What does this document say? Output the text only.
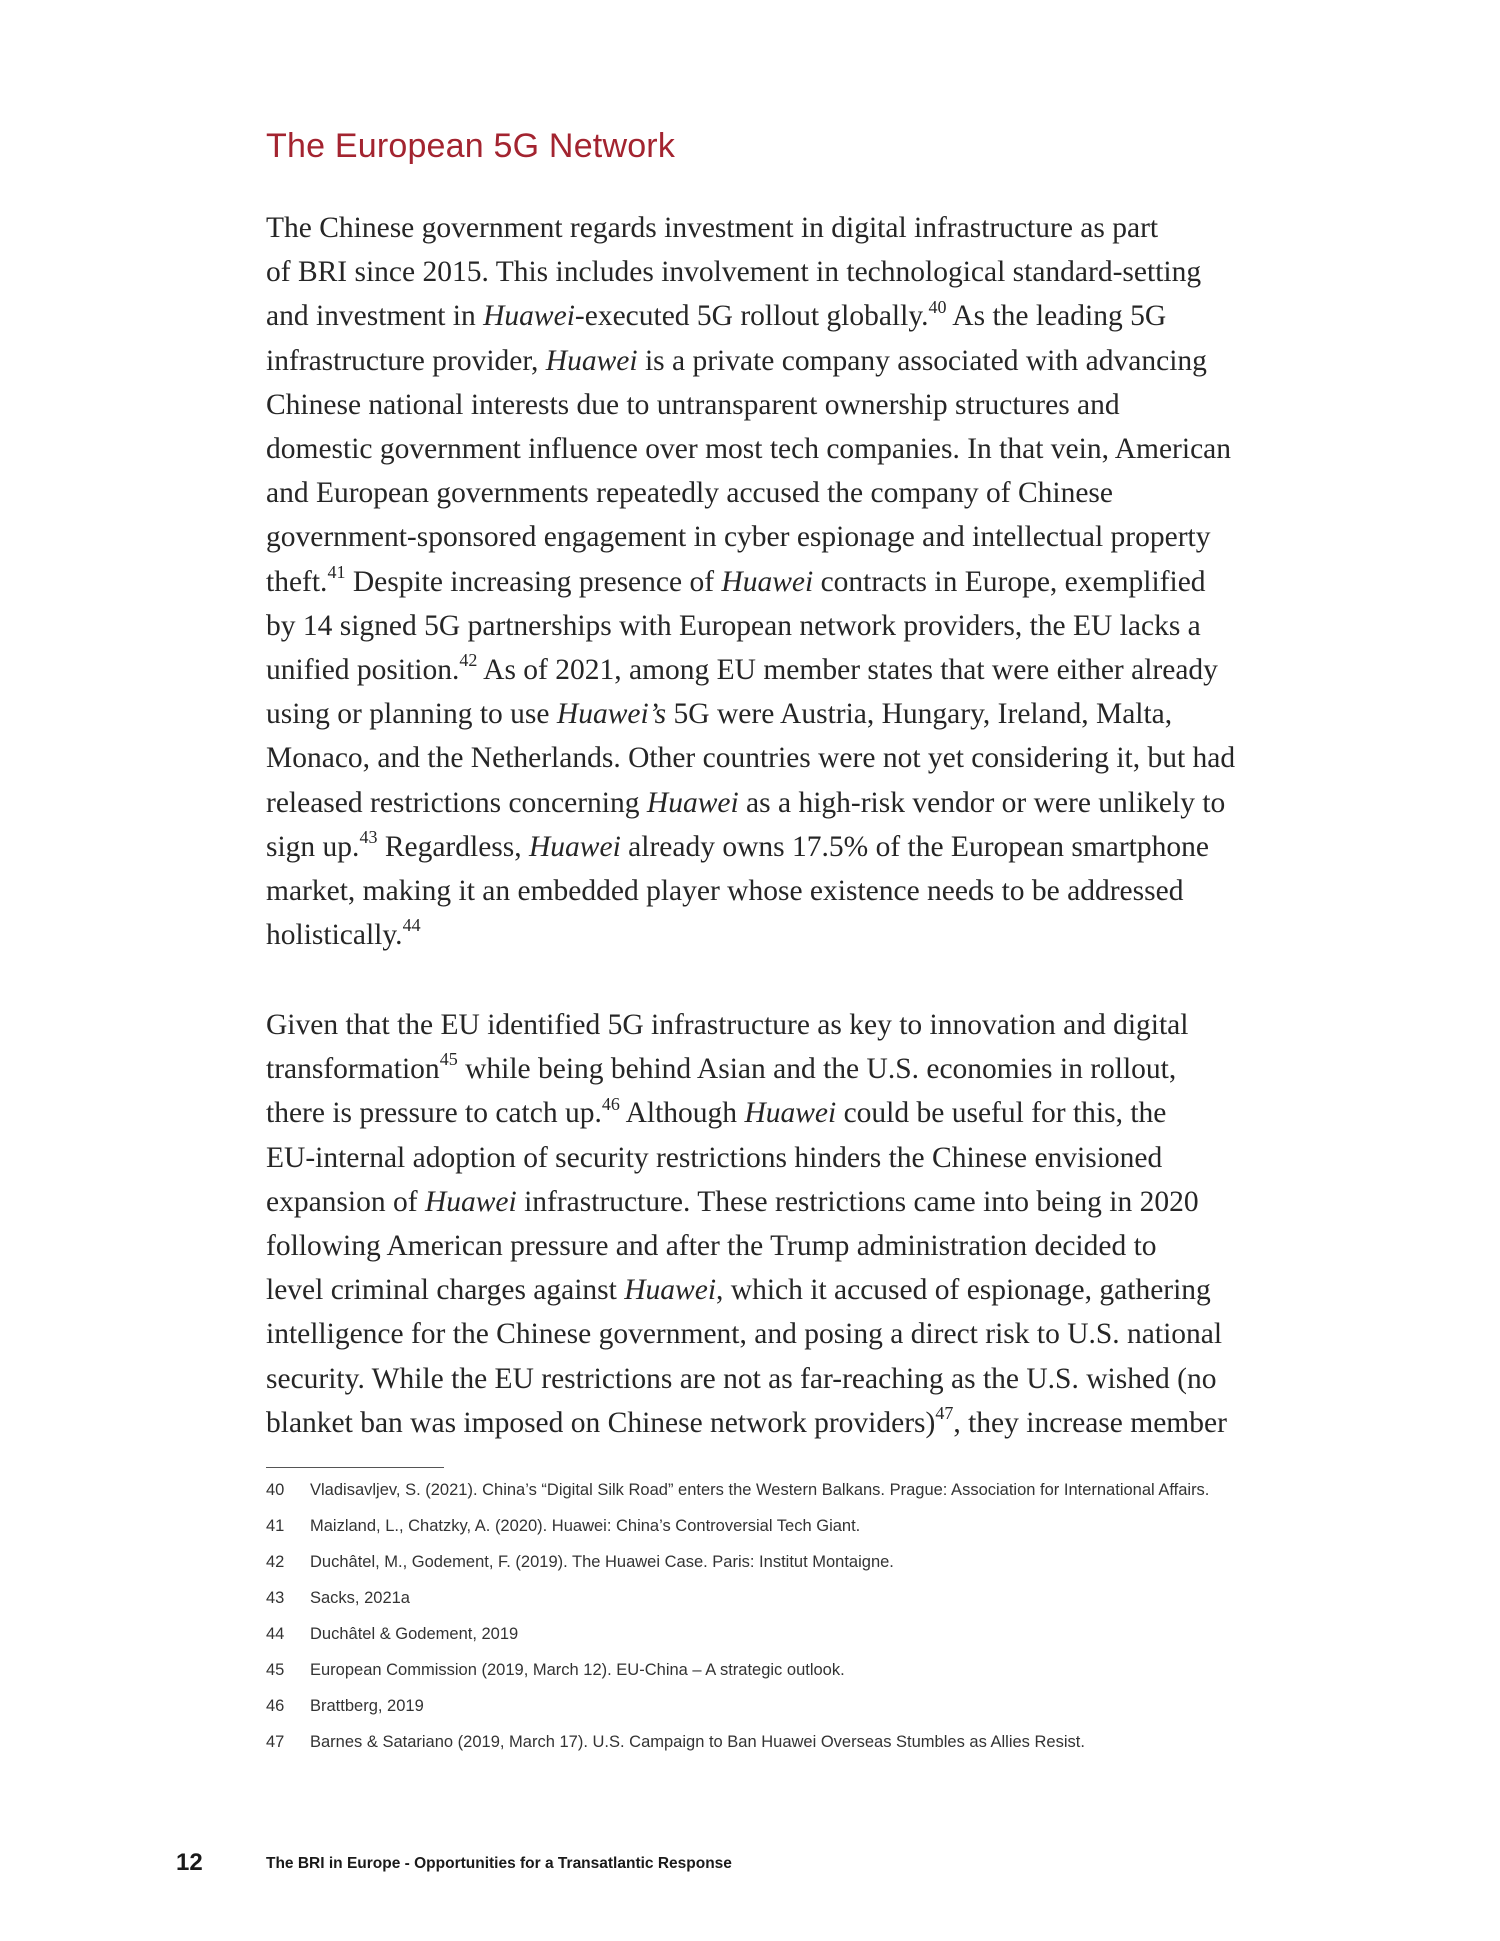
The European 5G Network
The Chinese government regards investment in digital infrastructure as part
of BRI since 2015. This includes involvement in technological standard-setting
and investment in Huawei-executed 5G rollout globally.$^{40}$ As the leading 5G
infrastructure provider, Huawei is a private company associated with advancing
Chinese national interests due to untransparent ownership structures and
domestic government influence over most tech companies. In that vein, American
and European governments repeatedly accused the company of Chinese
government-sponsored engagement in cyber espionage and intellectual property
theft.$^{41}$ Despite increasing presence of Huawei contracts in Europe, exemplified
by 14 signed 5G partnerships with European network providers, the EU lacks a
unified position.$^{42}$ As of 2021, among EU member states that were either already
using or planning to use Huawei’s 5G were Austria, Hungary, Ireland, Malta,
Monaco, and the Netherlands. Other countries were not yet considering it, but had
released restrictions concerning Huawei as a high-risk vendor or were unlikely to
sign up.$^{43}$ Regardless, Huawei already owns 17.5% of the European smartphone
market, making it an embedded player whose existence needs to be addressed
holistically.$^{44}$
Given that the EU identified 5G infrastructure as key to innovation and digital
transformation$^{45}$ while being behind Asian and the U.S. economies in rollout,
there is pressure to catch up.$^{46}$ Although Huawei could be useful for this, the
EU-internal adoption of security restrictions hinders the Chinese envisioned
expansion of Huawei infrastructure. These restrictions came into being in 2020
following American pressure and after the Trump administration decided to
level criminal charges against Huawei, which it accused of espionage, gathering
intelligence for the Chinese government, and posing a direct risk to U.S. national
security. While the EU restrictions are not as far-reaching as the U.S. wished (no
blanket ban was imposed on Chinese network providers)$^{47}$, they increase member
40 Vladisavljev, S. (2021). China’s “Digital Silk Road” enters the Western Balkans. Prague: Association for International Affairs.
41 Maizland, L., Chatzky, A. (2020). Huawei: China’s Controversial Tech Giant.
42 Duchâtel, M., Godement, F. (2019). The Huawei Case. Paris: Institut Montaigne.
43 Sacks, 2021a
44 Duchâtel & Godement, 2019
45 European Commission (2019, March 12). EU-China – A strategic outlook.
46 Brattberg, 2019
47 Barnes & Satariano (2019, March 17). U.S. Campaign to Ban Huawei Overseas Stumbles as Allies Resist.
12	The BRI in Europe - Opportunities for a Transatlantic Response
